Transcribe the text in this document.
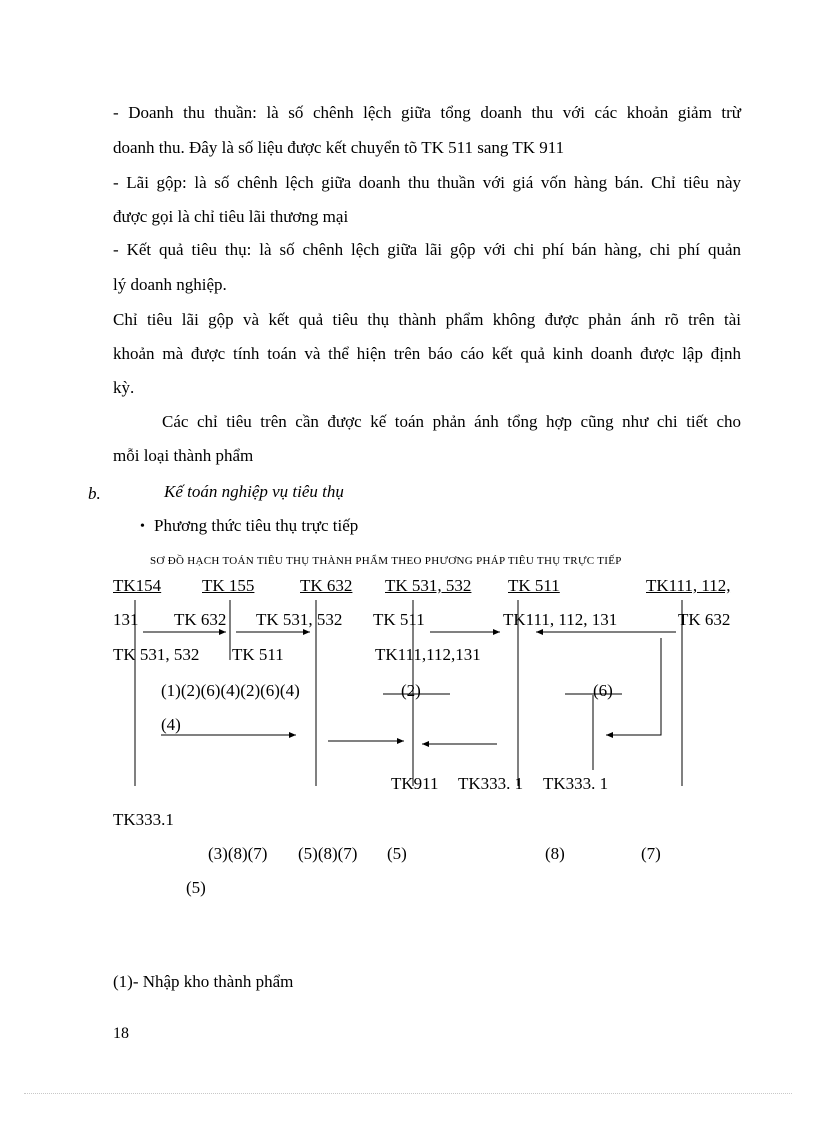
- Doanh thu thuần: là số chênh lệch giữa tổng doanh thu với các khoản giảm trừ
doanh thu. Đây là số liệu được kết chuyển tõ TK 511 sang TK 911
- Lãi gộp: là số chênh lệch giữa doanh thu thuần với giá vốn hàng bán. Chỉ tiêu này
được gọi là chỉ tiêu lãi thương mại
- Kết quả tiêu thụ: là số chênh lệch giữa lãi gộp với chi phí bán hàng, chi phí quản
lý doanh nghiệp.
Chỉ tiêu lãi gộp và kết quả tiêu thụ thành phẩm không được phản ánh rõ trên tài
khoản mà được tính toán và thể hiện trên báo cáo kết quả kinh doanh được lập định
kỳ.
Các chỉ tiêu trên cần được kế toán phản ánh tổng hợp cũng như chi tiết cho
mỗi loại thành phẩm
b.	Kế toán nghiệp vụ tiêu thụ
• Phương thức tiêu thụ trực tiếp
SƠ ĐỒ HẠCH TOÁN TIÊU THỤ THÀNH PHẨM THEO PHƯƠNG PHÁP TIÊU THỤ TRỰC TIẾP
TK154 TK 155	TK 632 TK 531, 532 TK 511	TK111, 112,
131 TK 632 TK 531, 532 TK 511	TK111, 112, 131	TK 632
TK 531, 532 TK 511	TK111,112,131
(1)(2)(6)(4)(2)(6)(4)	(2)	(6)
(4)
TK911 TK333. 1 TK333. 1
TK333.1
(3)(8)(7) (5)(8)(7) (5)	(8)	(7)
(5)
(1)- Nhập kho thành phẩm
18
